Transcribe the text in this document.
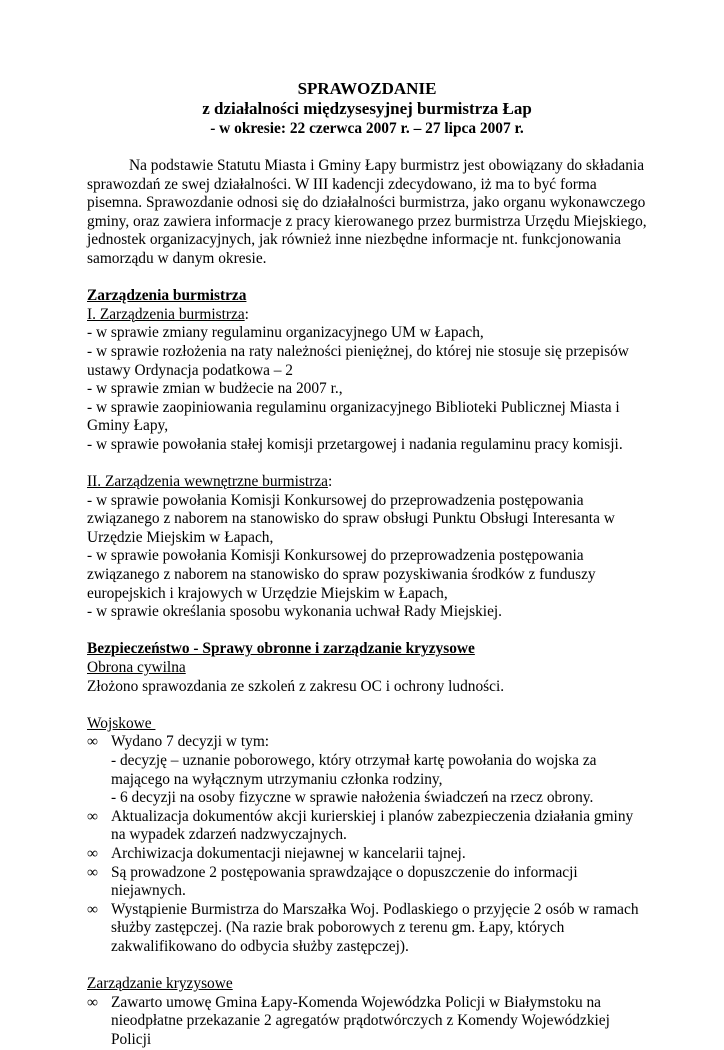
SPRAWOZDANIE
z działalności międzysesyjnej burmistrza Łap
- w okresie: 22 czerwca 2007 r. – 27 lipca 2007 r.

Na podstawie Statutu Miasta i Gminy Łapy burmistrz jest obowiązany do składania sprawozdań ze swej działalności. W III kadencji zdecydowano, iż ma to być forma pisemna. Sprawozdanie odnosi się do działalności burmistrza, jako organu wykonawczego gminy, oraz zawiera informacje z pracy kierowanego przez burmistrza Urzędu Miejskiego, jednostek organizacyjnych, jak również inne niezbędne informacje nt. funkcjonowania samorządu w danym okresie.

Zarządzenia burmistrza
I. Zarządzenia burmistrza:
- w sprawie zmiany regulaminu organizacyjnego UM w Łapach,
- w sprawie rozłożenia na raty należności pieniężnej, do której nie stosuje się przepisów ustawy Ordynacja podatkowa – 2
- w sprawie zmian w budżecie na 2007 r.,
- w sprawie zaopiniowania regulaminu organizacyjnego Biblioteki Publicznej Miasta i Gminy Łapy,
- w sprawie powołania stałej komisji przetargowej i nadania regulaminu pracy komisji.
II. Zarządzenia wewnętrzne burmistrza:
- w sprawie powołania Komisji Konkursowej do przeprowadzenia postępowania związanego z naborem na stanowisko do spraw obsługi Punktu Obsługi Interesanta w Urzędzie Miejskim w Łapach,
- w sprawie powołania Komisji Konkursowej do przeprowadzenia postępowania związanego z naborem na stanowisko do spraw pozyskiwania środków z funduszy europejskich i krajowych w Urzędzie Miejskim w Łapach,
- w sprawie określania sposobu wykonania uchwał Rady Miejskiej.
Bezpieczeństwo - Sprawy obronne i zarządzanie kryzysowe
Obrona cywilna

Złożono sprawozdania ze szkoleń z zakresu OC i ochrony ludności.

Wojskowe
∞ Wydano 7 decyzji w tym:
- decyzję – uznanie poborowego, który otrzymał kartę powołania do wojska za mającego na wyłącznym utrzymaniu członka rodziny,
- 6 decyzji na osoby fizyczne w sprawie nałożenia świadczeń na rzecz obrony.
∞ Aktualizacja dokumentów akcji kurierskiej i planów zabezpieczenia działania gminy na wypadek zdarzeń nadzwyczajnych.
∞ Archiwizacja dokumentacji niejawnej w kancelarii tajnej.
∞ Są prowadzone 2 postępowania sprawdzające o dopuszczenie do informacji niejawnych.
∞ Wystąpienie Burmistrza do Marszałka Woj. Podlaskiego o przyjęcie 2 osób w ramach służby zastępczej. (Na razie brak poborowych z terenu gm. Łapy, których zakwalifikowano do odbycia służby zastępczej).
Zarządzanie kryzysowe
∞ Zawarto umowę Gmina Łapy-Komenda Wojewódzka Policji w Białymstoku na nieodpłatne przekazanie 2 agregatów prądotwórczych z Komendy Wojewódzkiej Policji
